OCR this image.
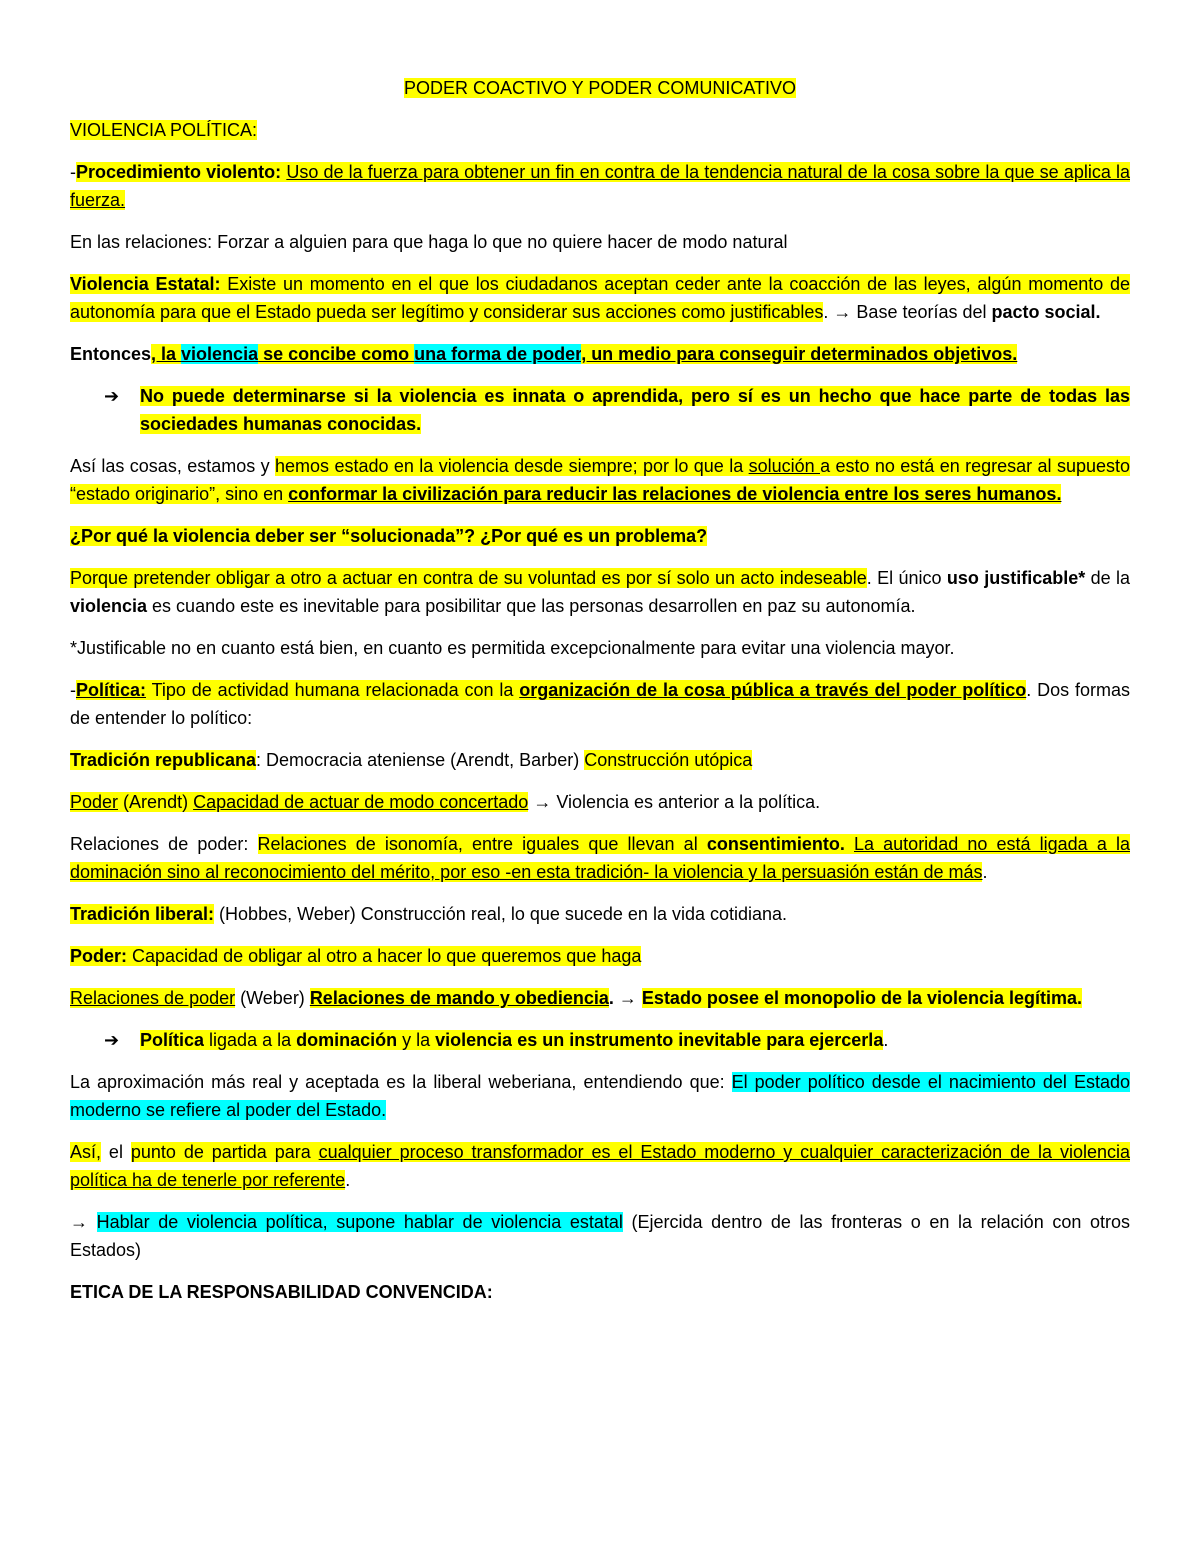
PODER COACTIVO Y PODER COMUNICATIVO

VIOLENCIA POLÍTICA:

-Procedimiento violento: Uso de la fuerza para obtener un fin en contra de la tendencia natural de la cosa sobre la que se aplica la fuerza.

En las relaciones: Forzar a alguien para que haga lo que no quiere hacer de modo natural

Violencia Estatal: Existe un momento en el que los ciudadanos aceptan ceder ante la coacción de las leyes, algún momento de autonomía para que el Estado pueda ser legítimo y considerar sus acciones como justificables. → Base teorías del pacto social.

Entonces, la violencia se concibe como una forma de poder, un medio para conseguir determinados objetivos.

➔	No puede determinarse si la violencia es innata o aprendida, pero sí es un hecho que hace parte de todas las sociedades humanas conocidas.

Así las cosas, estamos y hemos estado en la violencia desde siempre; por lo que la solución a esto no está en regresar al supuesto “estado originario”, sino en conformar la civilización para reducir las relaciones de violencia entre los seres humanos.

¿Por qué la violencia deber ser “solucionada”? ¿Por qué es un problema?

Porque pretender obligar a otro a actuar en contra de su voluntad es por sí solo un acto indeseable. El único uso justificable* de la violencia es cuando este es inevitable para posibilitar que las personas desarrollen en paz su autonomía.

*Justificable no en cuanto está bien, en cuanto es permitida excepcionalmente para evitar una violencia mayor.

-Política: Tipo de actividad humana relacionada con la organización de la cosa pública a través del poder político. Dos formas de entender lo político:

Tradición republicana: Democracia ateniense (Arendt, Barber) Construcción utópica

Poder (Arendt) Capacidad de actuar de modo concertado → Violencia es anterior a la política.

Relaciones de poder: Relaciones de isonomía, entre iguales que llevan al consentimiento. La autoridad no está ligada a la dominación sino al reconocimiento del mérito, por eso -en esta tradición- la violencia y la persuasión están de más.

Tradición liberal: (Hobbes, Weber) Construcción real, lo que sucede en la vida cotidiana.

Poder: Capacidad de obligar al otro a hacer lo que queremos que haga

Relaciones de poder (Weber) Relaciones de mando y obediencia. → Estado posee el monopolio de la violencia legítima.

➔	Política ligada a la dominación y la violencia es un instrumento inevitable para ejercerla.

La aproximación más real y aceptada es la liberal weberiana, entendiendo que: El poder político desde el nacimiento del Estado moderno se refiere al poder del Estado.

Así, el punto de partida para cualquier proceso transformador es el Estado moderno y cualquier caracterización de la violencia política ha de tenerle por referente.

→ Hablar de violencia política, supone hablar de violencia estatal (Ejercida dentro de las fronteras o en la relación con otros Estados)

ETICA DE LA RESPONSABILIDAD CONVENCIDA:
